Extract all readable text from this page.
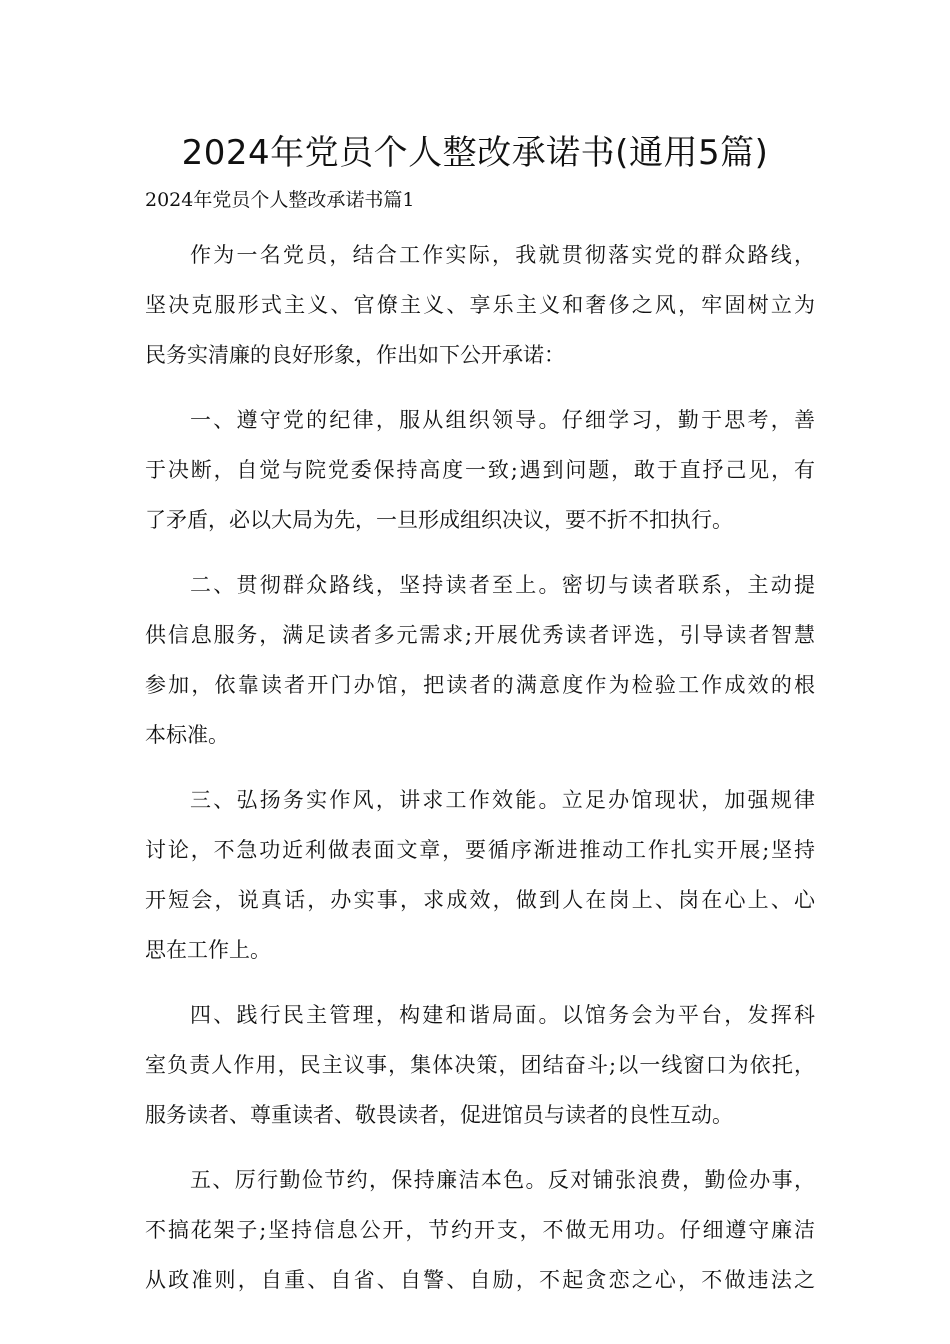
2024年党员个人整改承诺书(通用5篇)
2024年党员个人整改承诺书篇1

作为一名党员，结合工作实际，我就贯彻落实党的群众路线，
坚决克服形式主义、官僚主义、享乐主义和奢侈之风，牢固树立为
民务实清廉的良好形象，作出如下公开承诺：

一、遵守党的纪律，服从组织领导。仔细学习，勤于思考，善
于决断，自觉与院党委保持高度一致;遇到问题，敢于直抒己见，有
了矛盾，必以大局为先，一旦形成组织决议，要不折不扣执行。

二、贯彻群众路线，坚持读者至上。密切与读者联系，主动提
供信息服务，满足读者多元需求;开展优秀读者评选，引导读者智慧
参加，依靠读者开门办馆，把读者的满意度作为检验工作成效的根
本标准。

三、弘扬务实作风，讲求工作效能。立足办馆现状，加强规律
讨论，不急功近利做表面文章，要循序渐进推动工作扎实开展;坚持
开短会，说真话，办实事，求成效，做到人在岗上、岗在心上、心
思在工作上。

四、践行民主管理，构建和谐局面。以馆务会为平台，发挥科
室负责人作用，民主议事，集体决策，团结奋斗;以一线窗口为依托，
服务读者、尊重读者、敬畏读者，促进馆员与读者的良性互动。

五、厉行勤俭节约，保持廉洁本色。反对铺张浪费，勤俭办事，
不搞花架子;坚持信息公开，节约开支，不做无用功。仔细遵守廉洁
从政准则，自重、自省、自警、自励，不起贪恋之心，不做违法之
